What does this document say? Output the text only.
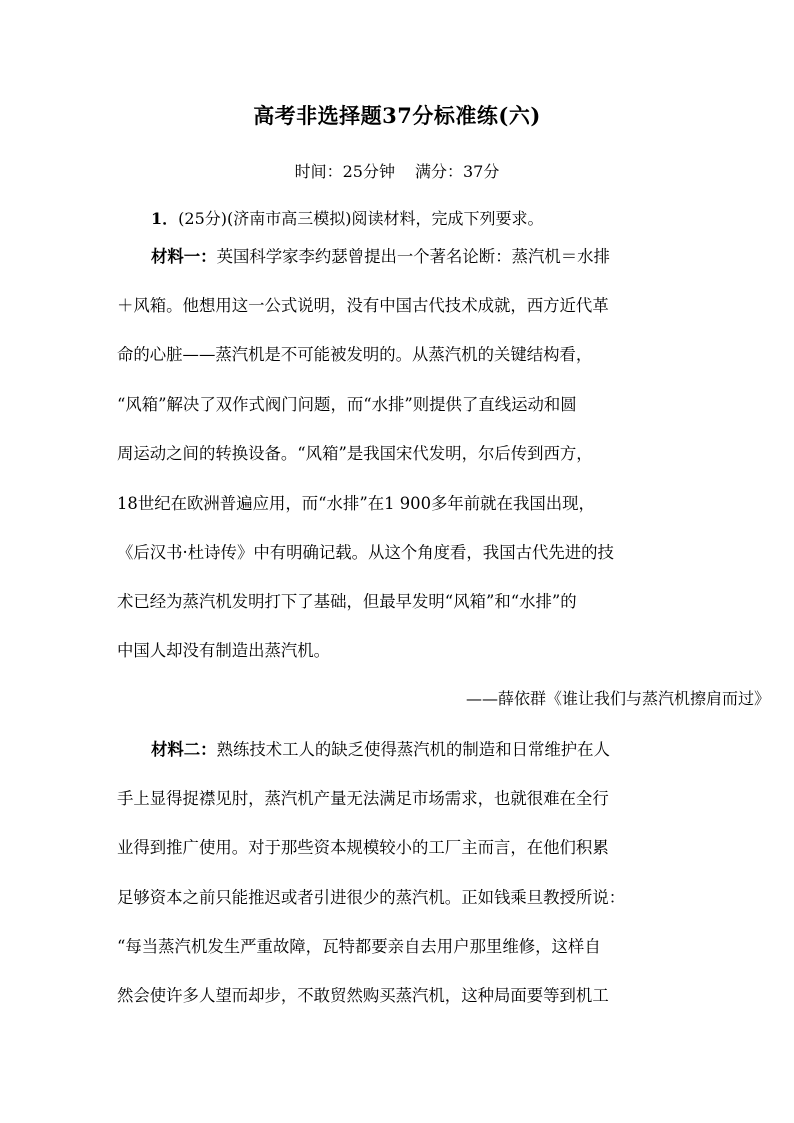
高考非选择题37分标准练(六)
时间：25分钟 满分：37分
1．(25分)(济南市高三模拟)阅读材料，完成下列要求。
材料一：英国科学家李约瑟曾提出一个著名论断：蒸汽机＝水排
＋风箱。他想用这一公式说明，没有中国古代技术成就，西方近代革
命的心脏——蒸汽机是不可能被发明的。从蒸汽机的关键结构看，
“风箱”解决了双作式阀门问题，而“水排”则提供了直线运动和圆
周运动之间的转换设备。“风箱”是我国宋代发明，尔后传到西方，
18世纪在欧洲普遍应用，而“水排”在1 900多年前就在我国出现，
《后汉书·杜诗传》中有明确记载。从这个角度看，我国古代先进的技
术已经为蒸汽机发明打下了基础，但最早发明“风箱”和“水排”的
中国人却没有制造出蒸汽机。
——薛依群《谁让我们与蒸汽机擦肩而过》
材料二：熟练技术工人的缺乏使得蒸汽机的制造和日常维护在人
手上显得捉襟见肘，蒸汽机产量无法满足市场需求，也就很难在全行
业得到推广使用。对于那些资本规模较小的工厂主而言，在他们积累
足够资本之前只能推迟或者引进很少的蒸汽机。正如钱乘旦教授所说：
“每当蒸汽机发生严重故障，瓦特都要亲自去用户那里维修，这样自
然会使许多人望而却步，不敢贸然购买蒸汽机，这种局面要等到机工
